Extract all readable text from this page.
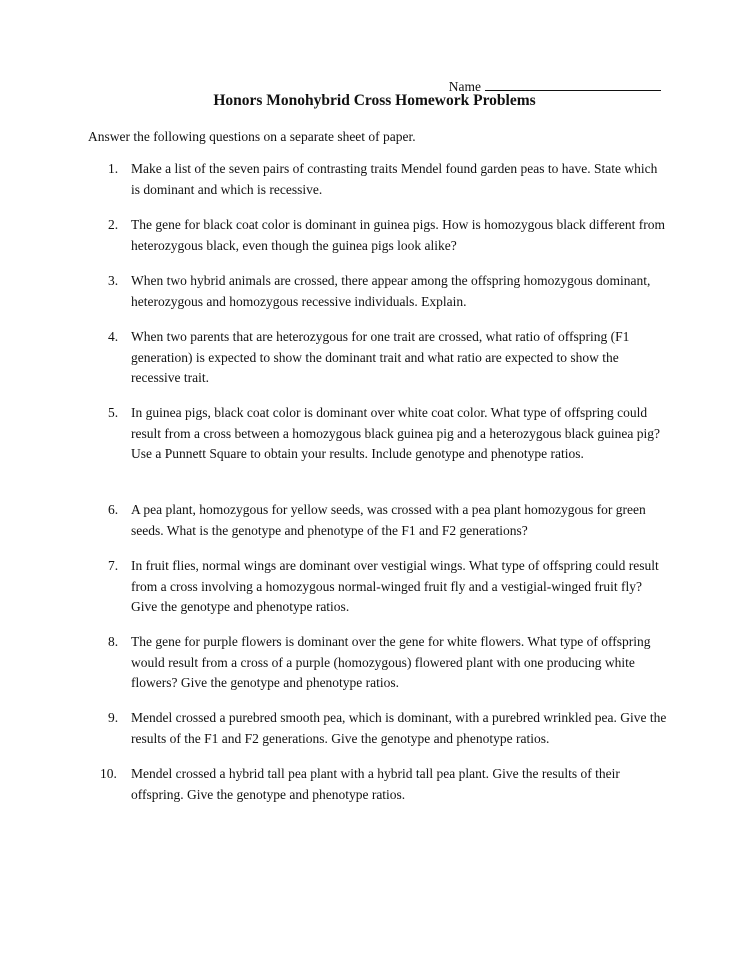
Name
Honors Monohybrid Cross Homework Problems
Answer the following questions on a separate sheet of paper.
1. Make a list of the seven pairs of contrasting traits Mendel found garden peas to have. State which is dominant and which is recessive.
2. The gene for black coat color is dominant in guinea pigs. How is homozygous black different from heterozygous black, even though the guinea pigs look alike?
3. When two hybrid animals are crossed, there appear among the offspring homozygous dominant, heterozygous and homozygous recessive individuals. Explain.
4. When two parents that are heterozygous for one trait are crossed, what ratio of offspring (F1 generation) is expected to show the dominant trait and what ratio are expected to show the recessive trait.
5. In guinea pigs, black coat color is dominant over white coat color. What type of offspring could result from a cross between a homozygous black guinea pig and a heterozygous black guinea pig? Use a Punnett Square to obtain your results. Include genotype and phenotype ratios.
6. A pea plant, homozygous for yellow seeds, was crossed with a pea plant homozygous for green seeds. What is the genotype and phenotype of the F1 and F2 generations?
7. In fruit flies, normal wings are dominant over vestigial wings. What type of offspring could result from a cross involving a homozygous normal-winged fruit fly and a vestigial-winged fruit fly? Give the genotype and phenotype ratios.
8. The gene for purple flowers is dominant over the gene for white flowers. What type of offspring would result from a cross of a purple (homozygous) flowered plant with one producing white flowers? Give the genotype and phenotype ratios.
9. Mendel crossed a purebred smooth pea, which is dominant, with a purebred wrinkled pea. Give the results of the F1 and F2 generations. Give the genotype and phenotype ratios.
10.	Mendel crossed a hybrid tall pea plant with a hybrid tall pea plant. Give the results of their offspring. Give the genotype and phenotype ratios.
